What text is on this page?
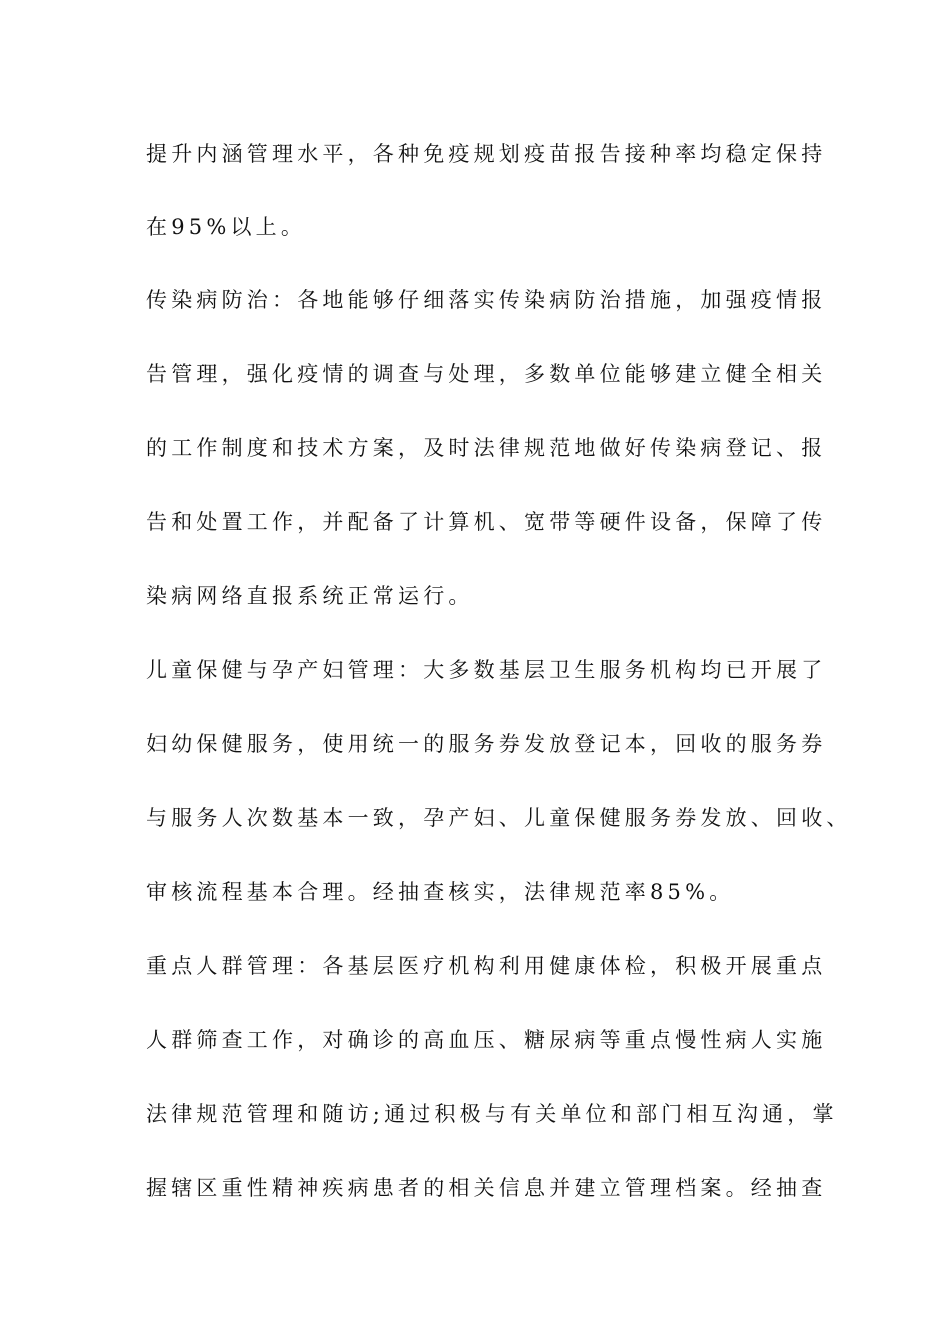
提升内涵管理水平，各种免疫规划疫苗报告接种率均稳定保持
在95%以上。
传染病防治：各地能够仔细落实传染病防治措施，加强疫情报
告管理，强化疫情的调查与处理，多数单位能够建立健全相关
的工作制度和技术方案，及时法律规范地做好传染病登记、报
告和处置工作，并配备了计算机、宽带等硬件设备，保障了传
染病网络直报系统正常运行。
儿童保健与孕产妇管理：大多数基层卫生服务机构均已开展了
妇幼保健服务，使用统一的服务券发放登记本，回收的服务券
与服务人次数基本一致，孕产妇、儿童保健服务券发放、回收、
审核流程基本合理。经抽查核实，法律规范率85%。
重点人群管理：各基层医疗机构利用健康体检，积极开展重点
人群筛查工作，对确诊的高血压、糖尿病等重点慢性病人实施
法律规范管理和随访;通过积极与有关单位和部门相互沟通，掌
握辖区重性精神疾病患者的相关信息并建立管理档案。经抽查
